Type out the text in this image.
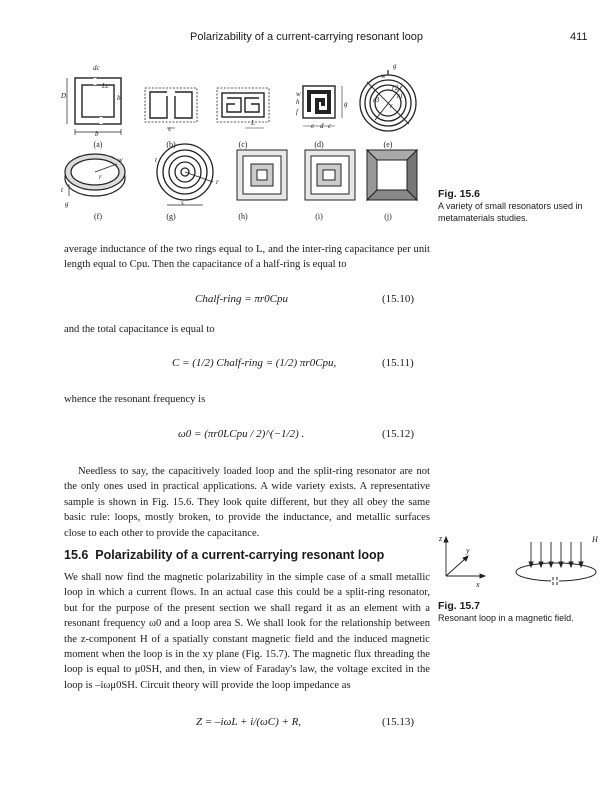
Polarizability of a current-carrying resonant loop	411
(a)	(b)	(c)	(d)	(e)
(f)	(g)	(h)	(i)	(j)
dc
Lc
D	b
b
s
L
w
h
f
g
e d c
g
w
r2
r1
r3
r
w
r
t
g
t
r
s
Fig. 15.6
A variety of small resonators used in metamaterials studies.
average inductance of the two rings equal to L, and the inter-ring capacitance per unit length equal to Cpu. Then the capacitance of a half-ring is equal to
Chalf-ring = πr0Cpu	(15.10)
and the total capacitance is equal to
C = (1/2) Chalf-ring = (1/2) πr0Cpu,	(15.11)
whence the resonant frequency is
ω0 = (πr0LCpu / 2)^(−1/2) .	(15.12)
Needless to say, the capacitively loaded loop and the split-ring resonator are not the only ones used in practical applications. A wide variety exists. A representative sample is shown in Fig. 15.6. They look quite different, but they all obey the same basic rule: loops, mostly broken, to provide the inductance, and metallic surfaces close to each other to provide the capacitance.
15.6 Polarizability of a current-carrying resonant loop
We shall now find the magnetic polarizability in the simple case of a small metallic loop in which a current flows. In an actual case this could be a split-ring resonator, but for the purpose of the present section we shall regard it as an element with a resonant frequency ω0 and a loop area S. We shall look for the relationship between the z-component H of a spatially constant magnetic field and the induced magnetic moment when the loop is in the xy plane (Fig. 15.7). The magnetic flux threading the loop is equal to μ0SH, and then, in view of Faraday's law, the voltage excited in the loop is –iωμ0SH. Circuit theory will provide the loop impedance as
Z = –iωL + i/(ωC) + R,	(15.13)
z
y
x
H
Fig. 15.7
Resonant loop in a magnetic field.
